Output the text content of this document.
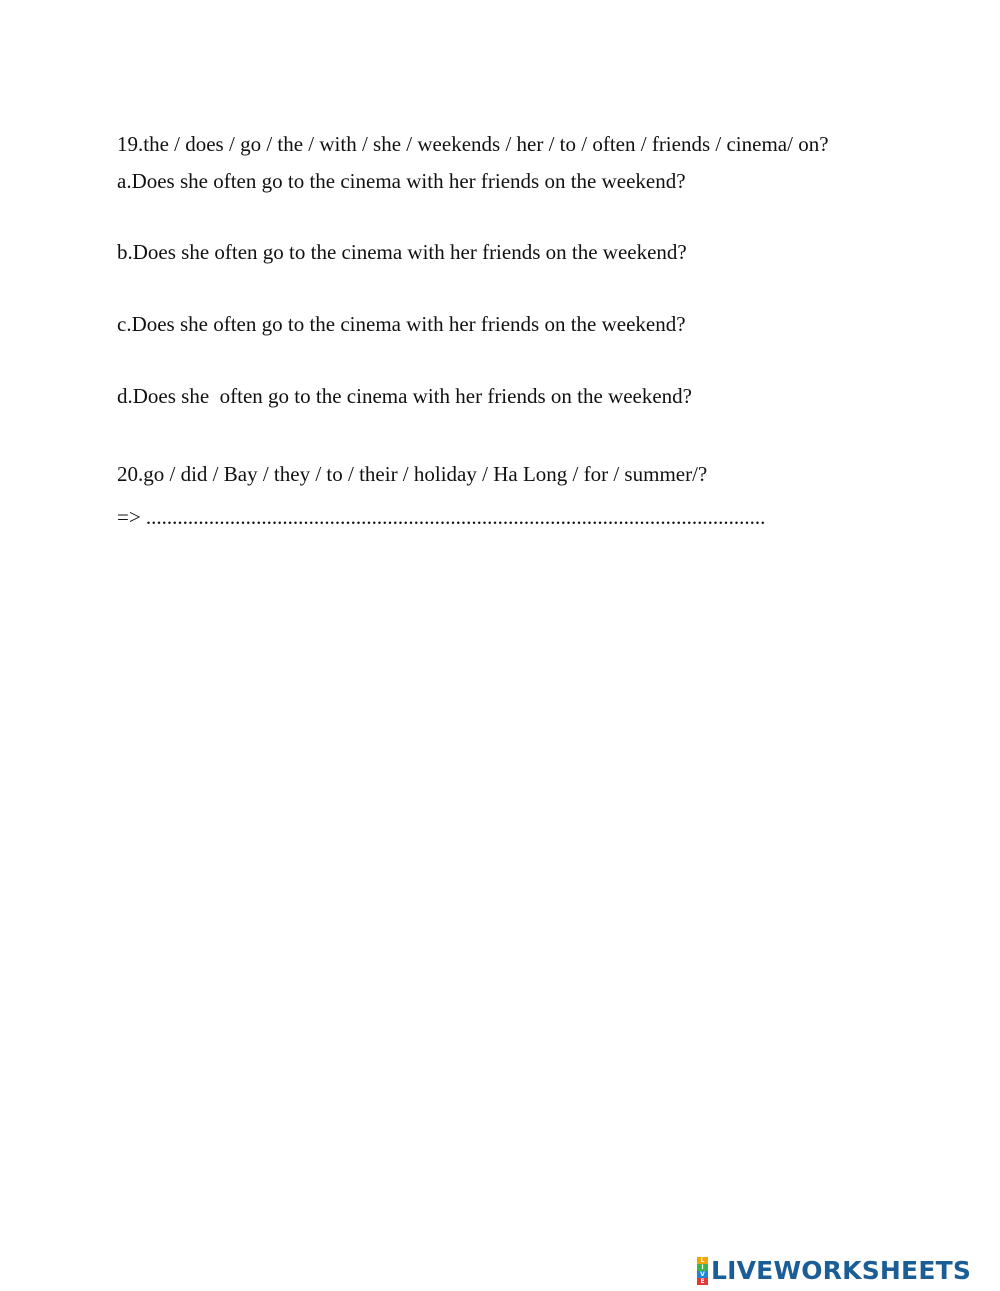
19.the / does / go / the / with / she / weekends / her / to / often / friends / cinema/ on?
a.Does she often go to the cinema with her friends on the weekend?
b.Does she often go to the cinema with her friends on the weekend?
c.Does she often go to the cinema with her friends on the weekend?
d.Does she  often go to the cinema with her friends on the weekend?
20.go / did / Bay / they / to / their / holiday / Ha Long / for / summer/?
=> ......................................................................................................................
L
I
V
E LIVEWORKSHEETS
